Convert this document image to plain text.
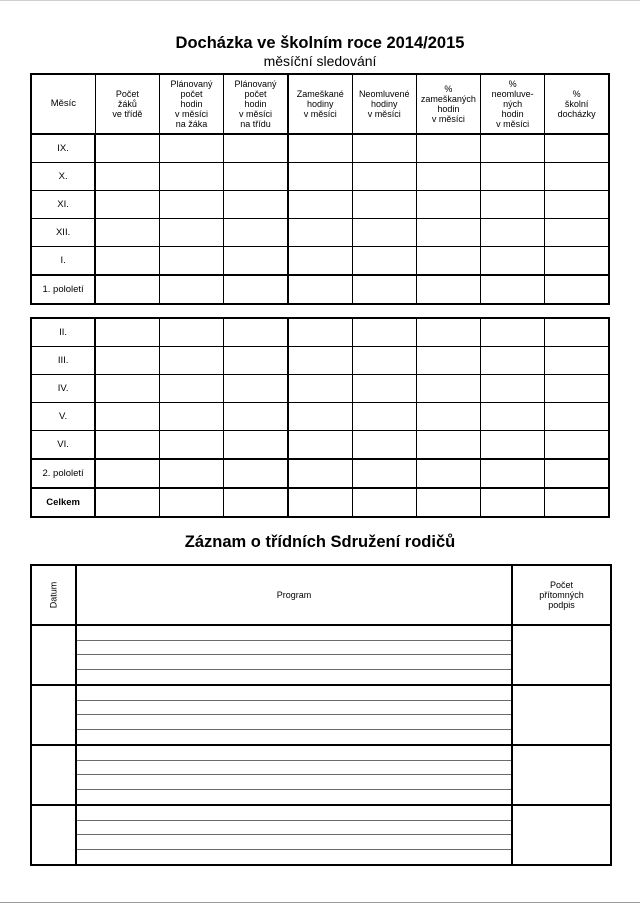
Docházka ve školním roce 2014/2015
měsíční sledování
Měsíc	Počet
žáků
ve třídě	Plánovaný
počet
hodin
v měsíci
na žáka	Plánovaný
počet
hodin
v měsíci
na třídu	Zameškané
hodiny
v měsíci	Neomluvené
hodiny
v měsíci	%
zameškaných
hodin
v měsíci	%
neomluve-
ných
hodin
v měsíci	%
školní
docházky
IX.								
X.								
XI.								
XII.								
I.								
1. pololetí								
II.								
III.								
IV.								
V.								
VI.								
2. pololetí								
Celkem								
Záznam o třídních Sdružení rodičů
Datum	Program	Počet
přítomných
podpis
